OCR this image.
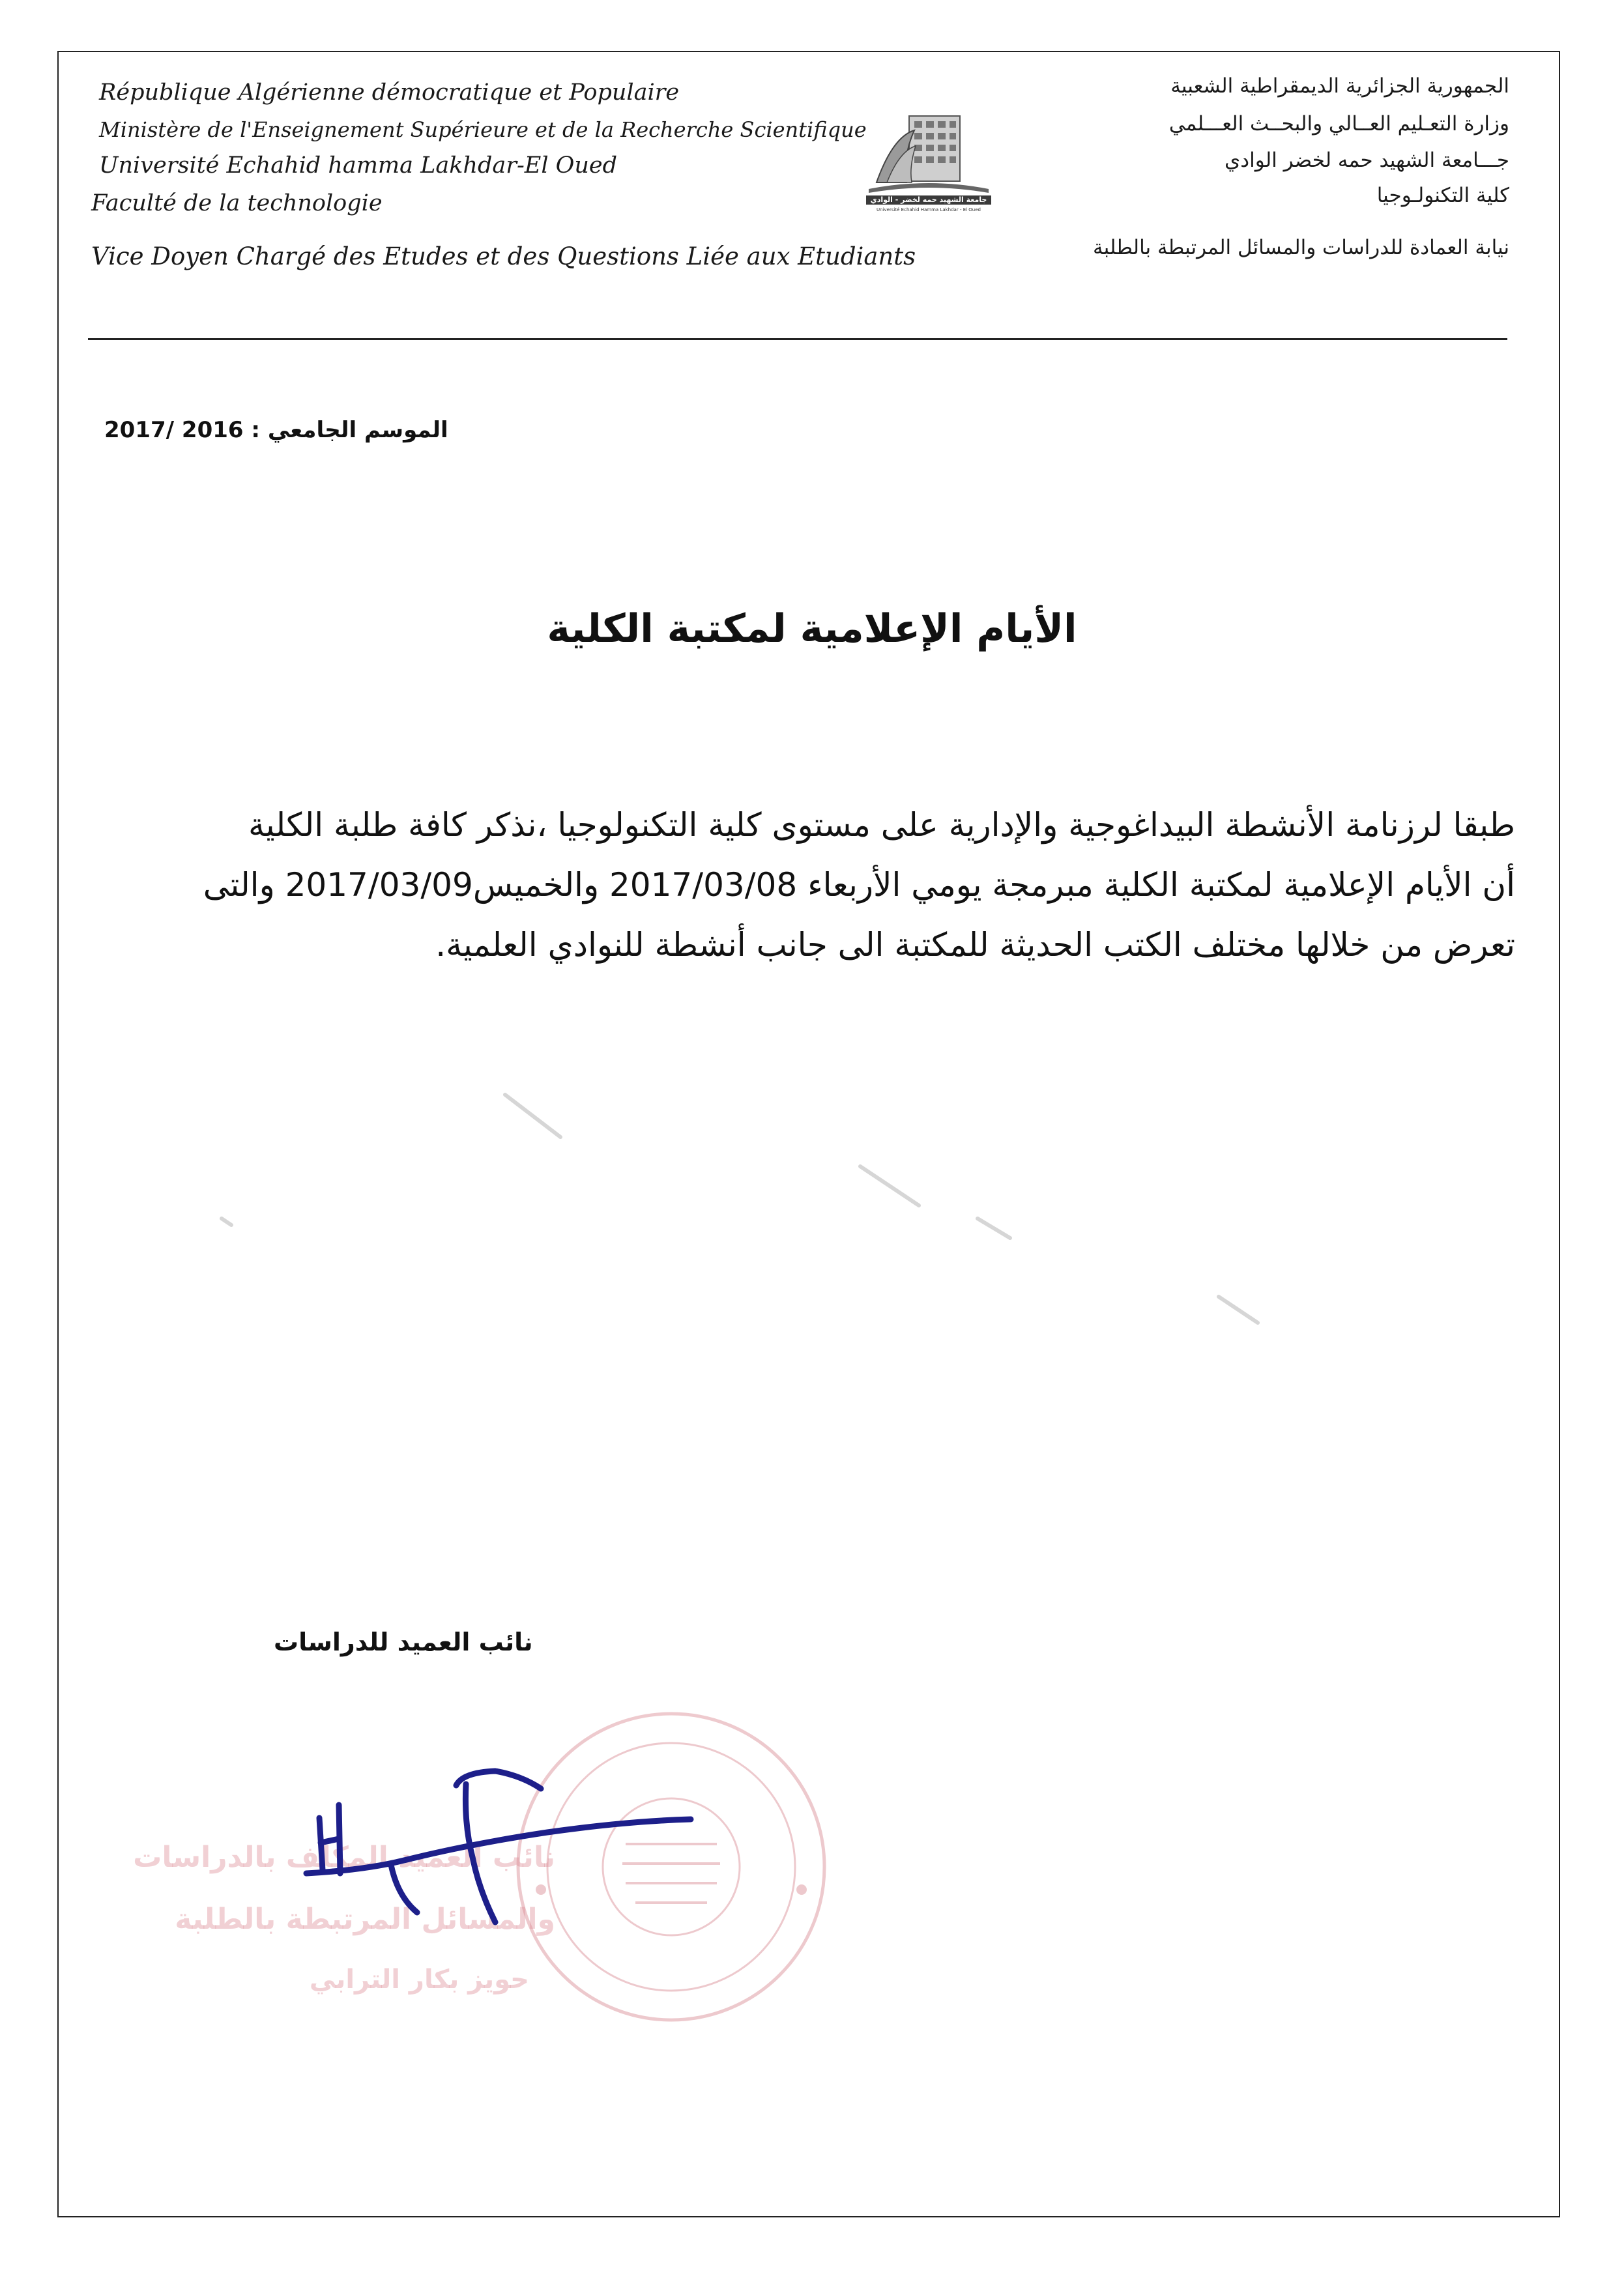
République Algérienne démocratique et Populaire
Ministère de l'Enseignement Supérieure et de la Recherche Scientifique
Université Echahid hamma Lakhdar-El Oued
Faculté de la technologie
Vice Doyen Chargé des Etudes et des Questions Liée aux Etudiants
جامعة الشهيد حمه لخضر - الوادي
Université Echahid Hamma Lakhdar - El Oued
الجمهورية الجزائرية الديمقراطية الشعبية
وزارة التعـليم العــالي والبحــث العـــلمي
جـــامعة الشهيد حمه لخضر الوادي
كلية التكنولـوجيا
نيابة العمادة للدراسات والمسائل المرتبطة بالطلبة
الموسم الجامعي : 2016 /2017
الأيام الإعلامية لمكتبة الكلية
طبقا لرزنامة الأنشطة البيداغوجية والإدارية على مستوى كلية التكنولوجيا ،نذكر كافة طلبة الكلية
أن الأيام الإعلامية لمكتبة الكلية مبرمجة يومي الأربعاء 2017/03/08 والخميس2017/03/09 والتى
تعرض من خلالها مختلف الكتب الحديثة للمكتبة الى جانب أنشطة للنوادي العلمية.
نائب العميد للدراسات
نائب العميد المكلف بالدراسات
والمسائل المرتبطة بالطلبة
حويز بكار الترابي
